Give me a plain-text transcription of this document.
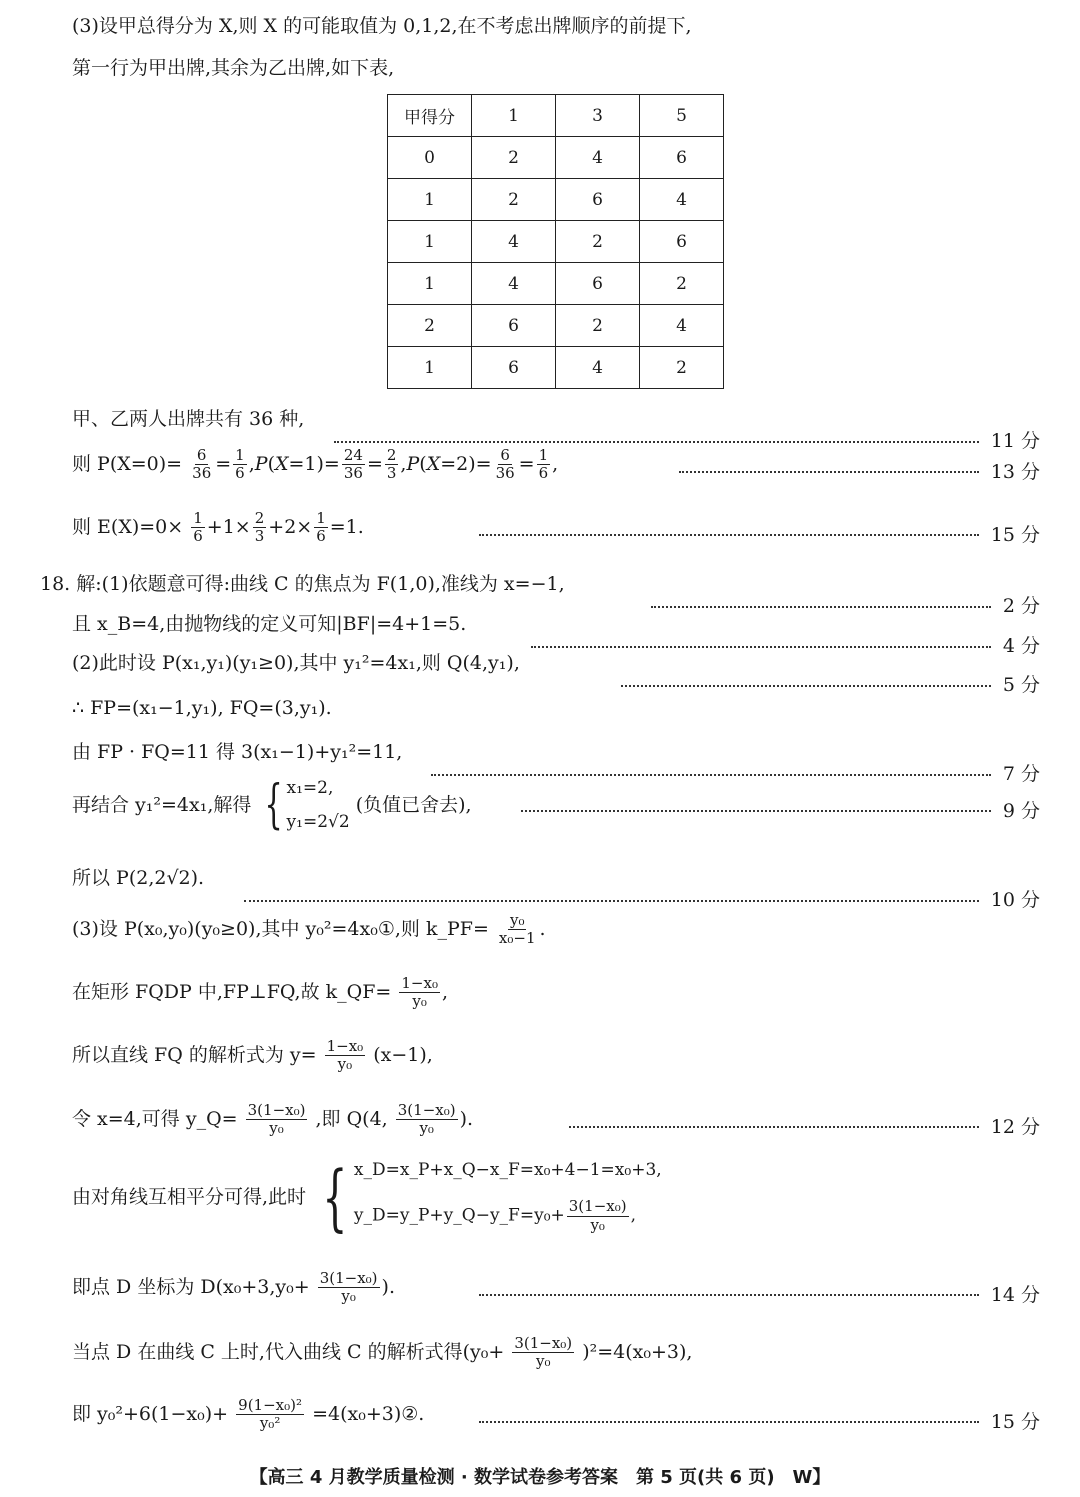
(3)设甲总得分为 X,则 X 的可能取值为 0,1,2,在不考虑出牌顺序的前提下,
第一行为甲出牌,其余为乙出牌,如下表,
甲得分	1	3	5
0	2	4	6
1	2	6	4
1	4	2	6
1	4	6	2
2	6	2	4
1	6	4	2
甲、乙两人出牌共有 36 种,
11 分
则 $P(X=0)= \frac{6}{36} = \frac{1}{6} ,P(X=1)= \frac{24}{36} = \frac{2}{3} ,P(X=2)= \frac{6}{36} = \frac{1}{6}$ ,	13 分
则 $E(X)=0\times \frac{1}{6} +1\times \frac{2}{3} +2\times \frac{1}{6} =1$.	15 分
18. 解:(1)依题意可得:曲线 C 的焦点为 F(1,0),准线为 x=−1,
2 分
且 x_B=4,由抛物线的定义可知|BF|=4+1=5.
4 分
(2)此时设 P(x₁,y₁)(y₁≥0),其中 y₁²=4x₁,则 Q(4,y₁),
5 分
∴ FP=(x₁−1,y₁), FQ=(3,y₁).
由 FP · FQ=11 得 3(x₁−1)+y₁²=11,
7 分
再结合 y₁²=4x₁,解得 { x₁=2,
y₁=2√2
(负值已舍去),	9 分
所以 P(2,2√2).
10 分
(3)设 P(x₀,y₀)(y₀≥0),其中 y₀²=4x₀①,则 k_PF= $\frac{\text{y₀}}{\text{x₀−1}}$ .
在矩形 FQDP 中,FP⊥FQ,故 k_QF= $\frac{\text{1−x₀}}{\text{y₀}}$ ,
所以直线 FQ 的解析式为 $y= \frac{\text{1−x₀}}{\text{y₀}} (x-1)$,
令 x=4,可得 y_Q= $\frac{\text{3(1−x₀)}}{\text{y₀}}$ ,即 Q(4, $\frac{\text{3(1−x₀)}}{\text{y₀}}$ ).	12 分
由对角线互相平分可得,此时 { x_D=x_P+x_Q−x_F=x₀+4−1=x₀+3,
y_D=y_P+y_Q−y_F=y₀+ $\frac{\text{3(1−x₀)}}{\text{y₀}}$ ,
即点 D 坐标为 $D(x_0+3,y_0+ \frac{\text{3(1−x₀)}}{\text{y₀}}$ ).	14 分
当点 D 在曲线 C 上时,代入曲线 C 的解析式得$(y_0+ \frac{\text{3(1−x₀)}}{\text{y₀}} )^2=4(x_0+3)$,
即 $y_0^2+6(1-x_0)+ \frac{\text{9(1−x₀)²}}{\text{y₀²}}$ =4(x₀+3)②.	15 分
【高三 4 月教学质量检测 · 数学试卷参考答案　第 5 页(共 6 页)　W】
